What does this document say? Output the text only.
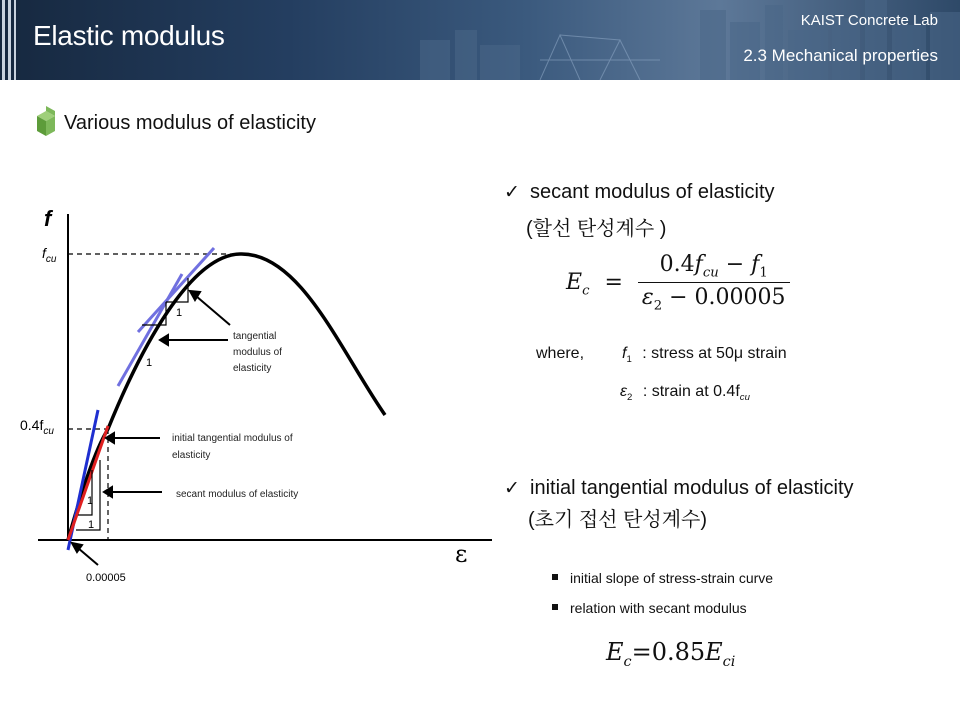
Elastic modulus	KAIST Concrete Lab
2.3 Mechanical properties
Various modulus of elasticity
1
1
1
1
f
ε
$f_{cu}$
$0.4f_{cu}$
0.00005
tangential
modulus of
elasticity
initial tangential modulus of
elasticity
secant modulus of elasticity
✓ secant modulus of elasticity
(할선 탄성계수 )
$E_c = \frac{0.4f_{cu} - f_1}{\varepsilon_2 - 0.00005}$
where, $f_1$ : stress at 50μ strain
$\varepsilon_2$ : strain at $0.4f_{cu}$
✓ initial tangential modulus of elasticity
(초기 접선 탄성계수)
initial slope of stress-strain curve
relation with secant modulus
$E_c=0.85E_{ci}$
